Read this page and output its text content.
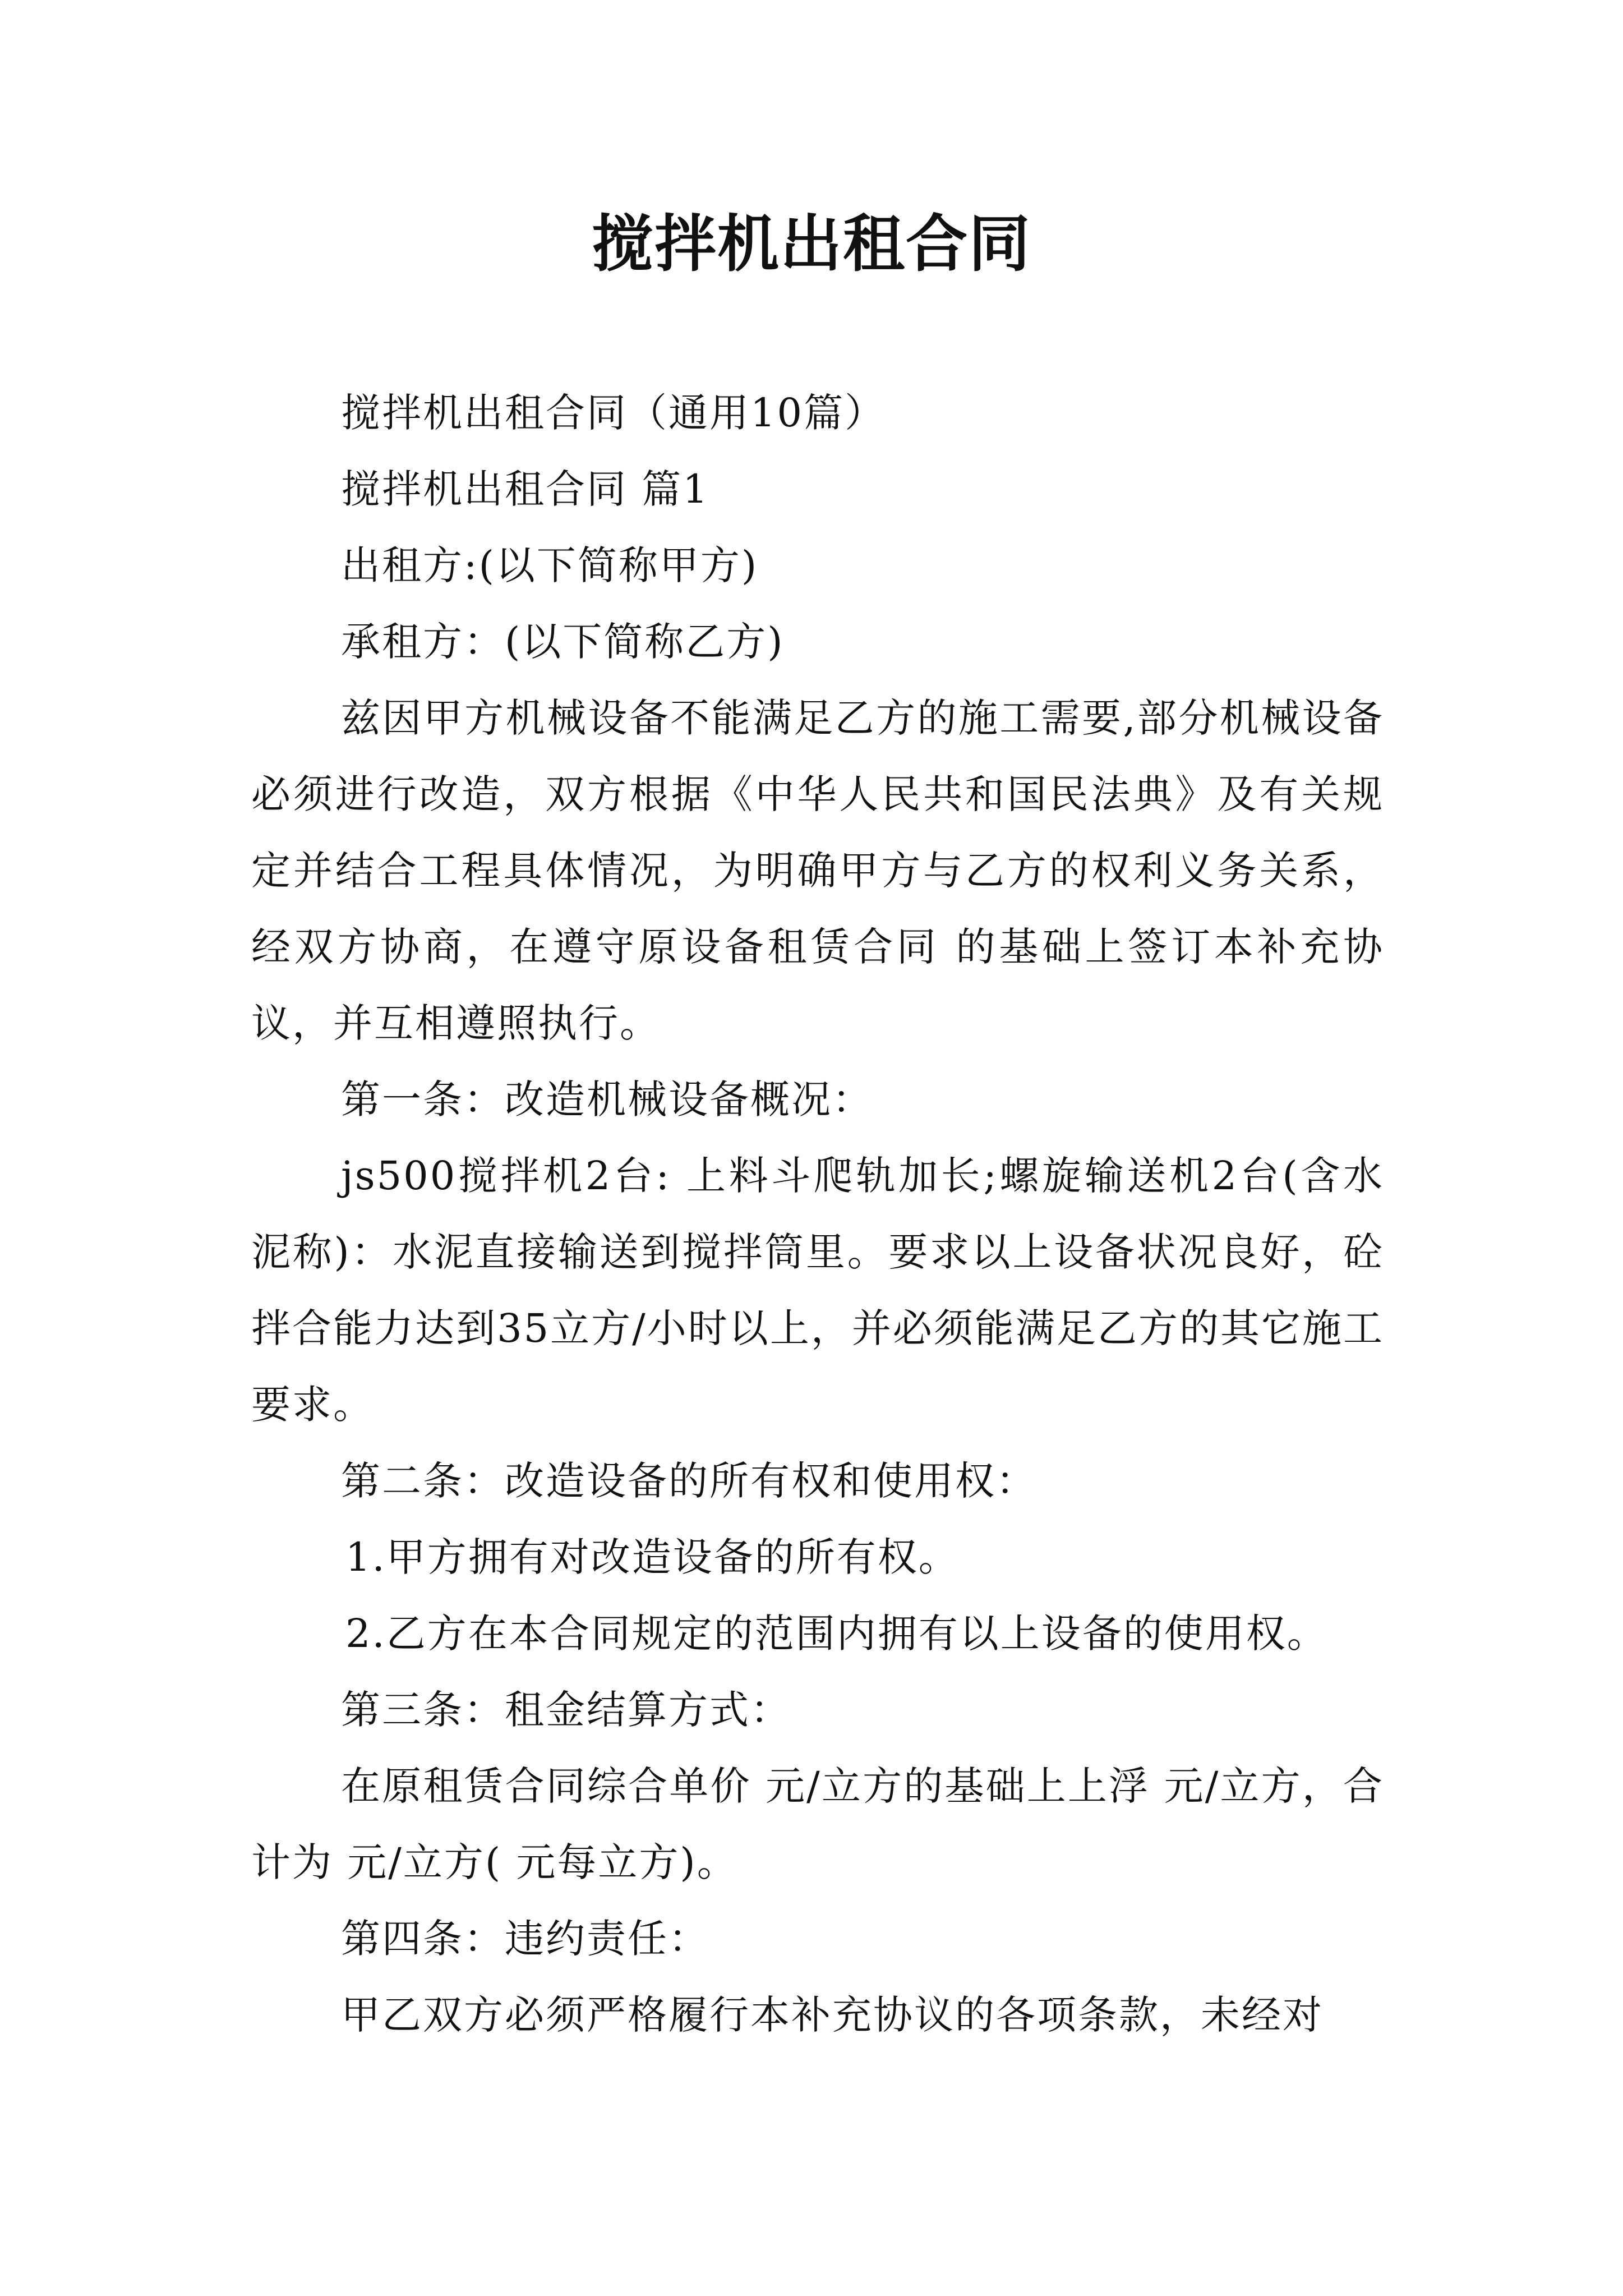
搅拌机出租合同

搅拌机出租合同（通用10篇）

搅拌机出租合同 篇1

出租方:(以下简称甲方)

承租方：(以下简称乙方)

兹因甲方机械设备不能满足乙方的施工需要,部分机械设备必须进行改造，双方根据《中华人民共和国民法典》及有关规定并结合工程具体情况，为明确甲方与乙方的权利义务关系，经双方协商，在遵守原设备租赁合同 的基础上签订本补充协议，并互相遵照执行。

第一条：改造机械设备概况：

js500搅拌机2台: 上料斗爬轨加长;螺旋输送机2台(含水泥称)：水泥直接输送到搅拌筒里。要求以上设备状况良好，砼拌合能力达到35立方/小时以上，并必须能满足乙方的其它施工要求。

第二条：改造设备的所有权和使用权：

1.甲方拥有对改造设备的所有权。

2.乙方在本合同规定的范围内拥有以上设备的使用权。

第三条：租金结算方式：

在原租赁合同综合单价 元/立方的基础上上浮 元/立方，合计为 元/立方( 元每立方)。

第四条：违约责任：

甲乙双方必须严格履行本补充协议的各项条款，未经对
